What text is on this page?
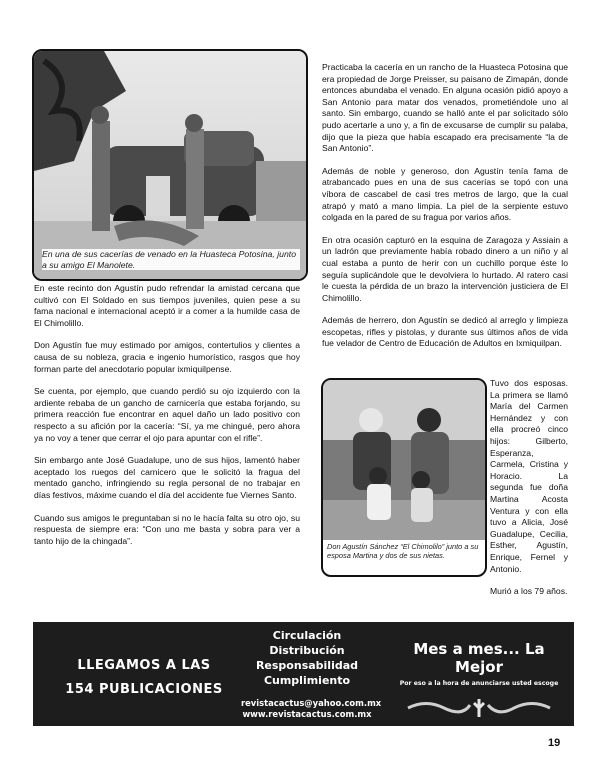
En una de sus cacerías de venado en la Huasteca Potosina, junto a su amigo El Manolete.

En este recinto don Agustín pudo refrendar la amistad cercana que cultivó con El Soldado en sus tiempos juveniles, quien pese a su fama nacional e internacional aceptó ir a comer a la humilde casa de El Chimolillo.

Don Agustín fue muy estimado por amigos, contertulios y clientes a causa de su nobleza, gracia e ingenio humorístico, rasgos que hoy forman parte del anecdotario popular ixmiquilpense.

Se cuenta, por ejemplo, que cuando perdió su ojo izquierdo con la ardiente rebaba de un gancho de carnicería que estaba forjando, su primera reacción fue encontrar en aquel daño un lado positivo con respecto a su afición por la cacería: “Sí, ya me chingué, pero ahora ya no voy a tener que cerrar el ojo para apuntar con el rifle”.

Sin embargo ante José Guadalupe, uno de sus hijos, lamentó haber aceptado los ruegos del carnicero que le solicitó la fragua del mentado gancho, infringiendo su regla personal de no trabajar en días festivos, máxime cuando el día del accidente fue Viernes Santo.

Cuando sus amigos le preguntaban si no le hacía falta su otro ojo, su respuesta de siempre era: “Con uno me basta y sobra para ver a tanto hijo de la chingada”.

Practicaba la cacería en un rancho de la Huasteca Potosina que era propiedad de Jorge Preisser, su paisano de Zimapán, donde entonces abundaba el venado. En alguna ocasión pidió apoyo a San Antonio para matar dos venados, prometiéndole uno al santo. Sin embargo, cuando se halló ante el par solicitado sólo pudo acertarle a uno y, a fin de excusarse de cumplir su palaba, dijo que la pieza que había escapado era precisamente “la de San Antonio”.

Además de noble y generoso, don Agustín tenía fama de atrabancado pues en una de sus cacerías se topó con una víbora de cascabel de casi tres metros de largo, que la cual atrapó y mató a mano limpia. La piel de la serpiente estuvo colgada en la pared de su fragua por varios años.

En otra ocasión capturó en la esquina de Zaragoza y Assiain a un ladrón que previamente había robado dinero a un niño y al cual estaba a punto de herir con un cuchillo porque éste lo seguía suplicándole que le devolviera lo hurtado. Al ratero casi le cuesta la pérdida de un brazo la intervención justiciera de El Chimolillo.

Además de herrero, don Agustín se dedicó al arreglo y limpieza escopetas, rifles y pistolas, y durante sus últimos años de vida fue velador de Centro de Educación de Adultos en Ixmiquilpan.

Don Agustín Sánchez “El Chimolilo” junto a su esposa Martina y dos de sus nietas.

Tuvo dos esposas. La primera se llamó María del Carmen Hernández y con ella procreó cinco hijos: Gilberto, Esperanza, Carmela, Cristina y Horacio. La segunda fue doña Martina Acosta Ventura y con ella tuvo a Alicia, José Guadalupe, Cecilia, Esther, Agustín, Enrique, Fernel y Antonio.

Murió a los 79 años.

LLEGAMOS A LAS
154 PUBLICACIONES
Circulación
Distribución
Responsabilidad
Cumplimiento
revistacactus@yahoo.com.mx
www.revistacactus.com.mx
Mes a mes... La Mejor
Por eso a la hora de anunciarse usted escoge
19
